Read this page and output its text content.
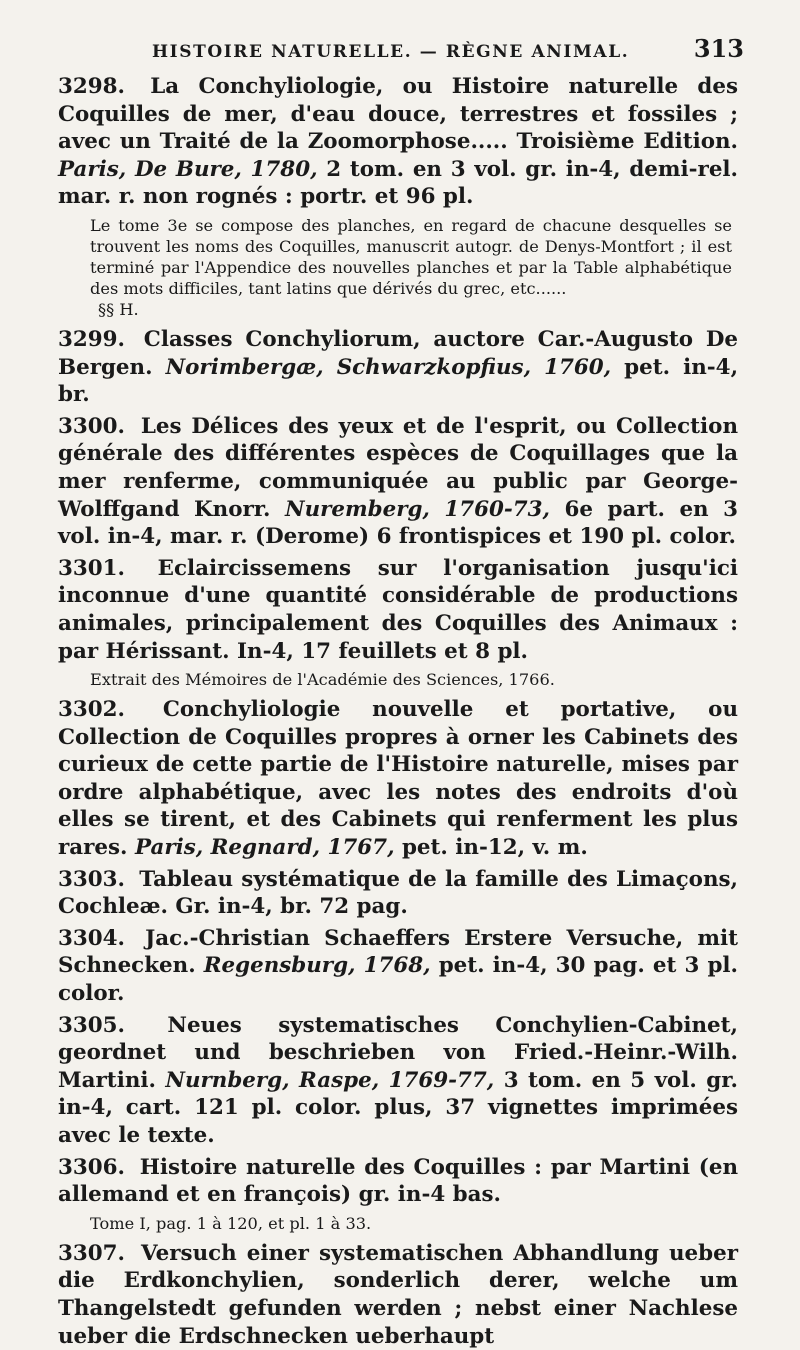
HISTOIRE NATURELLE. — RÈGNE ANIMAL.	313

3298. La Conchyliologie, ou Histoire naturelle des Coquilles de mer, d'eau douce, terrestres et fossiles ; avec un Traité de la Zoomorphose..... Troisième Edition. Paris, De Bure, 1780, 2 tom. en 3 vol. gr. in-4, demi-rel. mar. r. non rognés : portr. et 96 pl.

Le tome 3e se compose des planches, en regard de chacune desquelles se trouvent les noms des Coquilles, manuscrit autogr. de Denys-Montfort ; il est terminé par l'Appendice des nouvelles planches et par la Table alphabétique des mots difficiles, tant latins que dérivés du grec, etc......
§§ H.

3299. Classes Conchyliorum, auctore Car.-Augusto De Bergen. Norimbergæ, Schwarzkopfius, 1760, pet. in-4, br.

3300. Les Délices des yeux et de l'esprit, ou Collection générale des différentes espèces de Coquillages que la mer renferme, communiquée au public par George-Wolffgand Knorr. Nuremberg, 1760-73, 6e part. en 3 vol. in-4, mar. r. (Derome) 6 frontispices et 190 pl. color.

3301. Eclaircissemens sur l'organisation jusqu'ici inconnue d'une quantité considérable de productions animales, principalement des Coquilles des Animaux : par Hérissant. In-4, 17 feuillets et 8 pl.

Extrait des Mémoires de l'Académie des Sciences, 1766.

3302. Conchyliologie nouvelle et portative, ou Collection de Coquilles propres à orner les Cabinets des curieux de cette partie de l'Histoire naturelle, mises par ordre alphabétique, avec les notes des endroits d'où elles se tirent, et des Cabinets qui renferment les plus rares. Paris, Regnard, 1767, pet. in-12, v. m.

3303. Tableau systématique de la famille des Limaçons, Cochleæ. Gr. in-4, br. 72 pag.

3304. Jac.-Christian Schaeffers Erstere Versuche, mit Schnecken. Regensburg, 1768, pet. in-4, 30 pag. et 3 pl. color.

3305. Neues systematisches Conchylien-Cabinet, geordnet und beschrieben von Fried.-Heinr.-Wilh. Martini. Nurnberg, Raspe, 1769-77, 3 tom. en 5 vol. gr. in-4, cart. 121 pl. color. plus, 37 vignettes imprimées avec le texte.

3306. Histoire naturelle des Coquilles : par Martini (en allemand et en françois) gr. in-4 bas.

Tome I, pag. 1 à 120, et pl. 1 à 33.

3307. Versuch einer systematischen Abhandlung ueber die Erdkonchylien, sonderlich derer, welche um Thangelstedt gefunden werden ; nebst einer Nachlese ueber die Erdschnecken ueberhaupt
